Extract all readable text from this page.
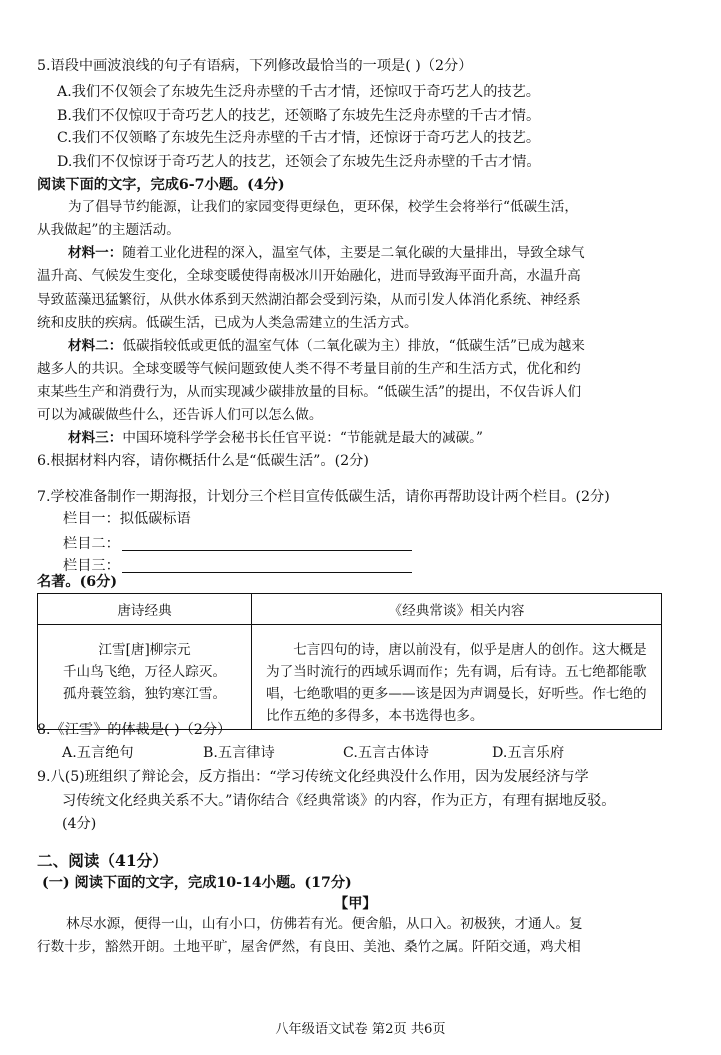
5.语段中画波浪线的句子有语病，下列修改最恰当的一项是( )（2分）
A.我们不仅领会了东坡先生泛舟赤壁的千古才情，还惊叹于奇巧艺人的技艺。
B.我们不仅惊叹于奇巧艺人的技艺，还领略了东坡先生泛舟赤壁的千古才情。
C.我们不仅领略了东坡先生泛舟赤壁的千古才情，还惊讶于奇巧艺人的技艺。
D.我们不仅惊讶于奇巧艺人的技艺，还领会了东坡先生泛舟赤壁的千古才情。
阅读下面的文字，完成6-7小题。(4分)
为了倡导节约能源，让我们的家园变得更绿色，更环保，校学生会将举行“低碳生活，
从我做起”的主题活动。
材料一：随着工业化进程的深入，温室气体，主要是二氧化碳的大量排出，导致全球气
温升高、气候发生变化，全球变暖使得南极冰川开始融化，进而导致海平面升高，水温升高
导致蓝藻迅猛繁衍，从供水体系到天然湖泊都会受到污染，从而引发人体消化系统、神经系
统和皮肤的疾病。低碳生活，已成为人类急需建立的生活方式。
材料二：低碳指较低或更低的温室气体（二氧化碳为主）排放，“低碳生活”已成为越来
越多人的共识。全球变暖等气候问题致使人类不得不考量目前的生产和生活方式，优化和约
束某些生产和消费行为，从而实现减少碳排放量的目标。“低碳生活”的提出，不仅告诉人们
可以为减碳做些什么，还告诉人们可以怎么做。
材料三：中国环境科学学会秘书长任官平说：“节能就是最大的减碳。”
6.根据材料内容，请你概括什么是“低碳生活”。(2分)
7.学校准备制作一期海报，计划分三个栏目宣传低碳生活，请你再帮助设计两个栏目。(2分)
栏目一：拟低碳标语
栏目二：
栏目三：
名著。(6分)
唐诗经典	《经典常谈》相关内容

江雪[唐]柳宗元
千山鸟飞绝，万径人踪灭。
孤舟蓑笠翁，独钓寒江雪。	七言四句的诗，唐以前没有，似乎是唐人的创作。这大概是为了当时流行的西域乐调而作；先有调，后有诗。五七绝都能歌唱，七绝歌唱的更多——该是因为声调曼长，好听些。作七绝的比作五绝的多得多，本书选得也多。
8.《江雪》的体裁是( )（2分）
A.五言绝句	B.五言律诗	C.五言古体诗	D.五言乐府
9.八(5)班组织了辩论会，反方指出：“学习传统文化经典没什么作用，因为发展经济与学
习传统文化经典关系不大。”请你结合《经典常谈》的内容，作为正方，有理有据地反驳。
(4分)
二、阅读（41分）
(一) 阅读下面的文字，完成10-14小题。(17分)
【甲】
林尽水源，便得一山，山有小口，仿佛若有光。便舍船，从口入。初极狭，才通人。复
行数十步，豁然开朗。土地平旷，屋舍俨然，有良田、美池、桑竹之属。阡陌交通，鸡犬相
八年级语文试卷 第2页 共6页
